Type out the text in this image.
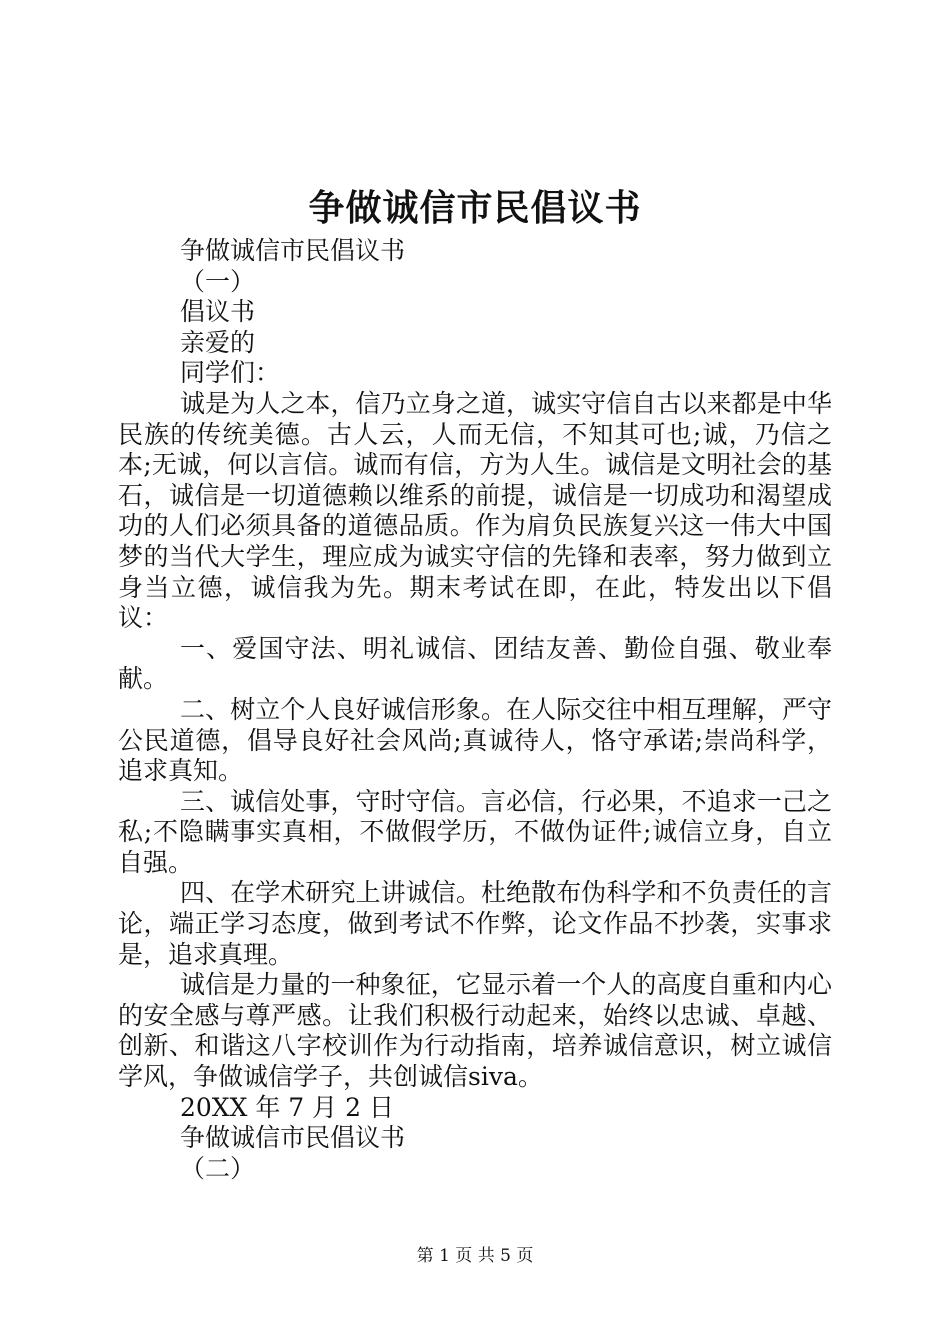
争做诚信市民倡议书
争做诚信市民倡议书
（一）
倡议书
亲爱的
同学们：

诚是为人之本，信乃立身之道，诚实守信自古以来都是中华民族的传统美德。古人云，人而无信，不知其可也;诚，乃信之本;无诚，何以言信。诚而有信，方为人生。诚信是文明社会的基石，诚信是一切道德赖以维系的前提，诚信是一切成功和渴望成功的人们必须具备的道德品质。作为肩负民族复兴这一伟大中国梦的当代大学生，理应成为诚实守信的先锋和表率，努力做到立身当立德，诚信我为先。期末考试在即，在此，特发出以下倡议：

一、爱国守法、明礼诚信、团结友善、勤俭自强、敬业奉献。

二、树立个人良好诚信形象。在人际交往中相互理解，严守公民道德，倡导良好社会风尚;真诚待人，恪守承诺;崇尚科学，追求真知。

三、诚信处事，守时守信。言必信，行必果，不追求一己之私;不隐瞒事实真相，不做假学历，不做伪证件;诚信立身，自立自强。

四、在学术研究上讲诚信。杜绝散布伪科学和不负责任的言论，端正学习态度，做到考试不作弊，论文作品不抄袭，实事求是，追求真理。

诚信是力量的一种象征，它显示着一个人的高度自重和内心的安全感与尊严感。让我们积极行动起来，始终以忠诚、卓越、创新、和谐这八字校训作为行动指南，培养诚信意识，树立诚信学风，争做诚信学子，共创诚信siva。

20XX 年 7 月 2 日
争做诚信市民倡议书
（二）
第 1 页 共 5 页
